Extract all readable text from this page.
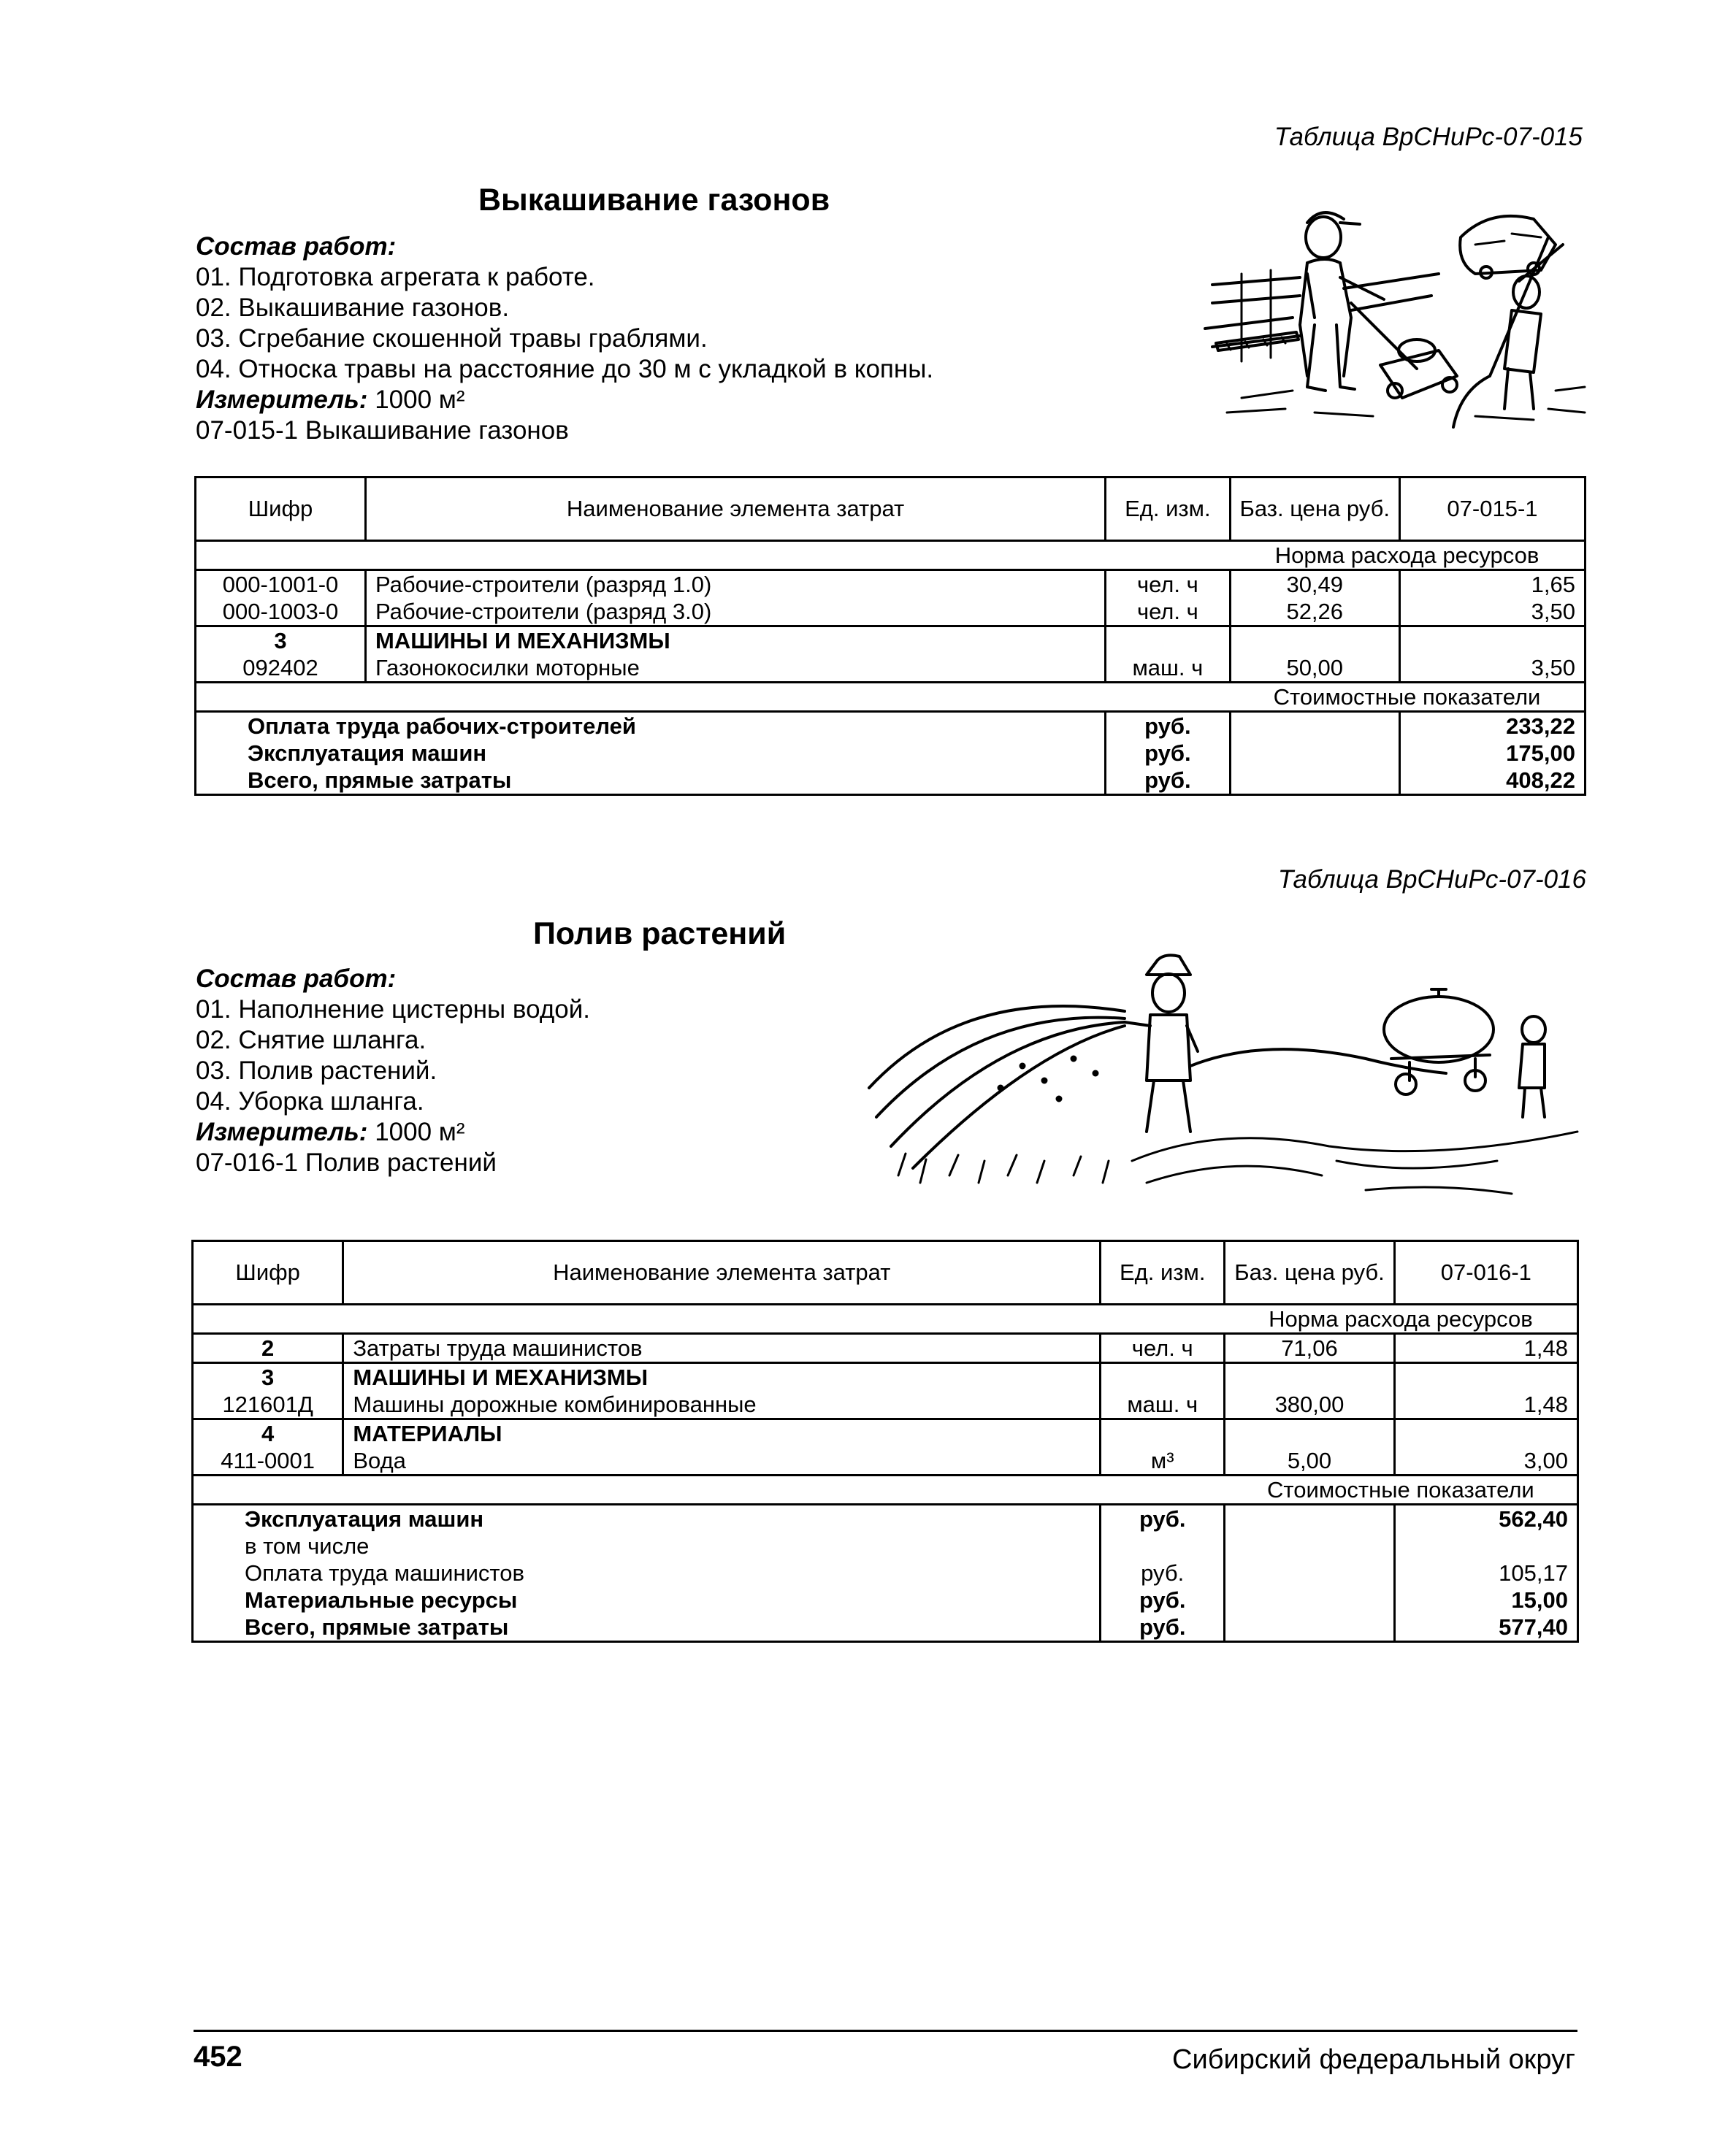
Таблица ВрСНиРс-07-015
Выкашивание газонов
Состав работ:
01. Подготовка агрегата к работе.
02. Выкашивание газонов.
03. Сгребание скошенной травы граблями.
04. Относка травы на расстояние до 30 м с укладкой в копны.
Измеритель: 1000 м²
07-015-1 Выкашивание газонов
Шифр	Наименование элемента затрат	Ед. изм.	Баз. цена руб.	07-015-1
			Норма расхода ресурсов	
000-1001-0	Рабочие-строители (разряд 1.0)	чел. ч	30,49	1,65
000-1003-0	Рабочие-строители (разряд 3.0)	чел. ч	52,26	3,50
3	МАШИНЫ И МЕХАНИЗМЫ			
092402	Газонокосилки моторные	маш. ч	50,00	3,50
			Стоимостные показатели	
Оплата труда рабочих-строителей		руб.		233,22
Эксплуатация машин		руб.		175,00
Всего, прямые затраты		руб.		408,22
Таблица ВрСНиРс-07-016
Полив растений
Состав работ:
01. Наполнение цистерны водой.
02. Снятие шланга.
03. Полив растений.
04. Уборка шланга.
Измеритель: 1000 м²
07-016-1 Полив растений
Шифр	Наименование элемента затрат	Ед. изм.	Баз. цена руб.	07-016-1
			Норма расхода ресурсов	
2	Затраты труда машинистов	чел. ч	71,06	1,48
3	МАШИНЫ И МЕХАНИЗМЫ			
121601Д	Машины дорожные комбинированные	маш. ч	380,00	1,48
4	МАТЕРИАЛЫ			
411-0001	Вода	м³	5,00	3,00
			Стоимостные показатели	
Эксплуатация машин		руб.		562,40
в том числе				
Оплата труда машинистов		руб.		105,17
Материальные ресурсы		руб.		15,00
Всего, прямые затраты		руб.		577,40
452	Сибирский федеральный округ
